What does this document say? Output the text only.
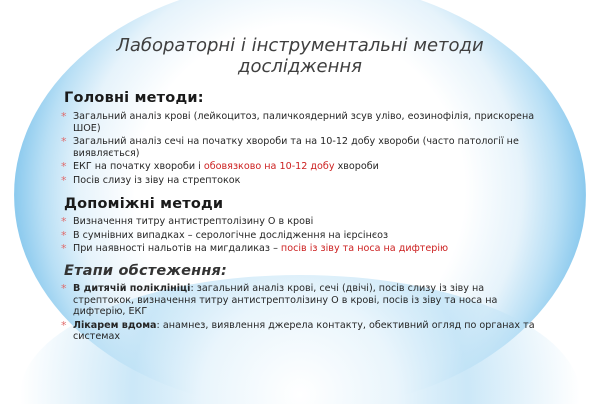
Лабораторні і інструментальні методи
дослідження
Головні методи:
* Загальний аналіз крові (лейкоцитоз, паличкоядерний зсув уліво, еозинофілія, прискорена ШОЕ)
* Загальний аналіз сечі на початку хвороби та на 10-12 добу хвороби (часто патології не виявляється)
* ЕКГ на початку хвороби і обовязково на 10-12 добу хвороби
* Посів слизу із зіву на стрептокок
Допоміжні методи
* Визначення титру антистрептолізину О в крові
* В сумнівних випадках – серологічне дослідження на ієрсінєоз
* При наявності нальотів на мигдаликаз – посів із зіву та носа на дифтерію
Етапи обстеження:
* В дитячій поліклініці: загальний аналіз крові, сечі (двічі), посів слизу із зіву на стрептокок, визначення титру антистрептолізину О в крові, посів із зіву та носа на дифтерію, ЕКГ
* Лікарем вдома: анамнез, виявлення джерела контакту, обективний огляд по органах та системах
